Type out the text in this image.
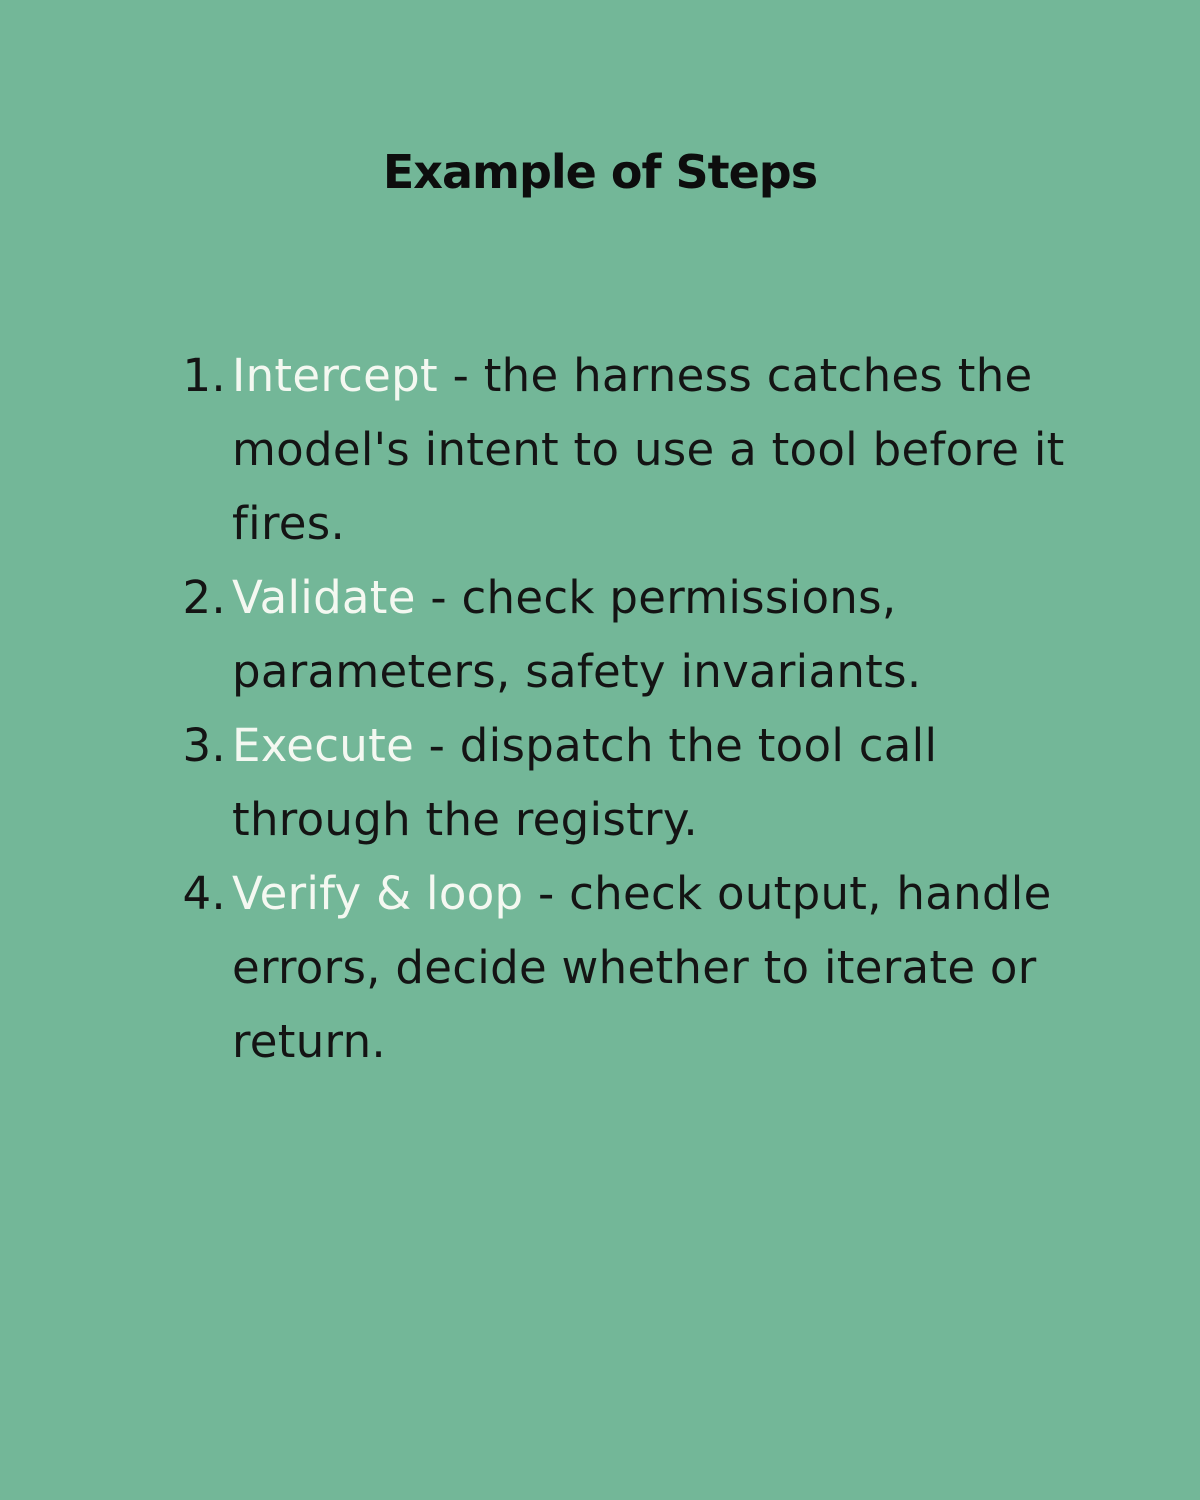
Example of Steps
1. Intercept - the harness catches the model's intent to use a tool before it fires.
2. Validate - check permissions, parameters, safety invariants.
3. Execute - dispatch the tool call through the registry.
4. Verify & loop - check output, handle errors, decide whether to iterate or return.
